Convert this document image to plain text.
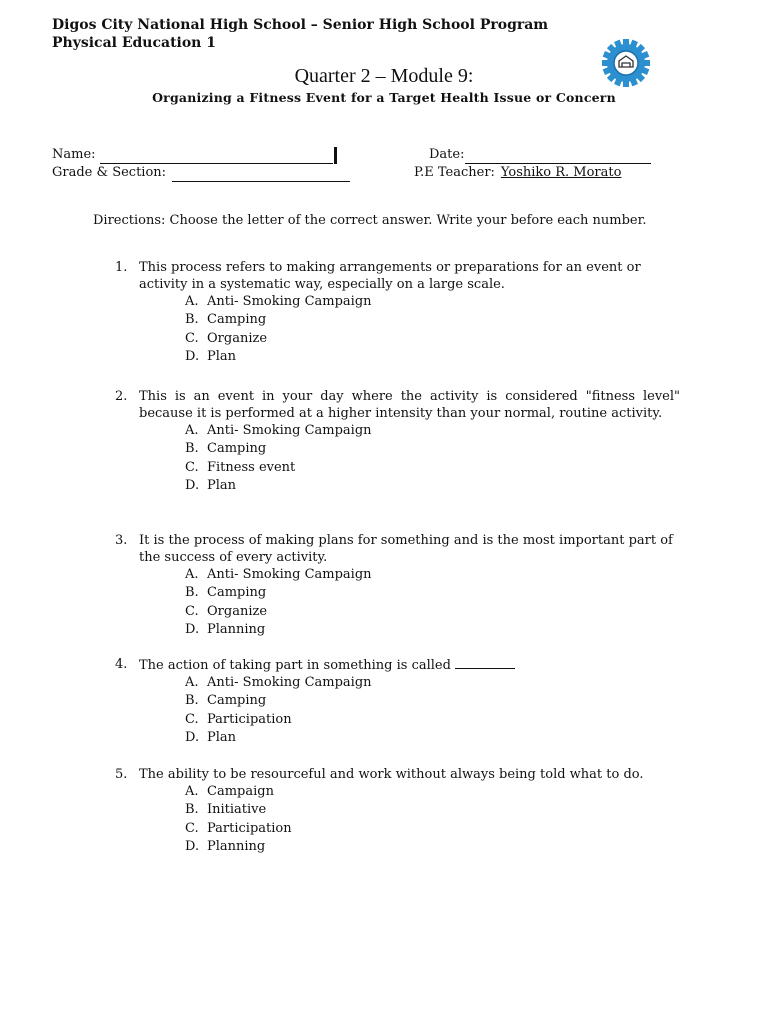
Digos City National High School – Senior High School Program
Physical Education 1
Quarter 2 – Module 9:
Organizing a Fitness Event for a Target Health Issue or Concern
Name:	Date:
Grade & Section:	P.E Teacher: Yoshiko R. Morato
Directions: Choose the letter of the correct answer. Write your before each number.
1. This process refers to making arrangements or preparations for an event or activity in a systematic way, especially on a large scale.
A. Anti- Smoking Campaign
B. Camping
C. Organize
D. Plan
2. This is an event in your day where the activity is considered "fitness level" because it is performed at a higher intensity than your normal, routine activity.
A. Anti- Smoking Campaign
B. Camping
C. Fitness event
D. Plan
3. It is the process of making plans for something and is the most important part of the success of every activity.
A. Anti- Smoking Campaign
B. Camping
C. Organize
D. Planning
4. The action of taking part in something is called
A. Anti- Smoking Campaign
B. Camping
C. Participation
D. Plan
5. The ability to be resourceful and work without always being told what to do.
A. Campaign
B. Initiative
C. Participation
D. Planning
